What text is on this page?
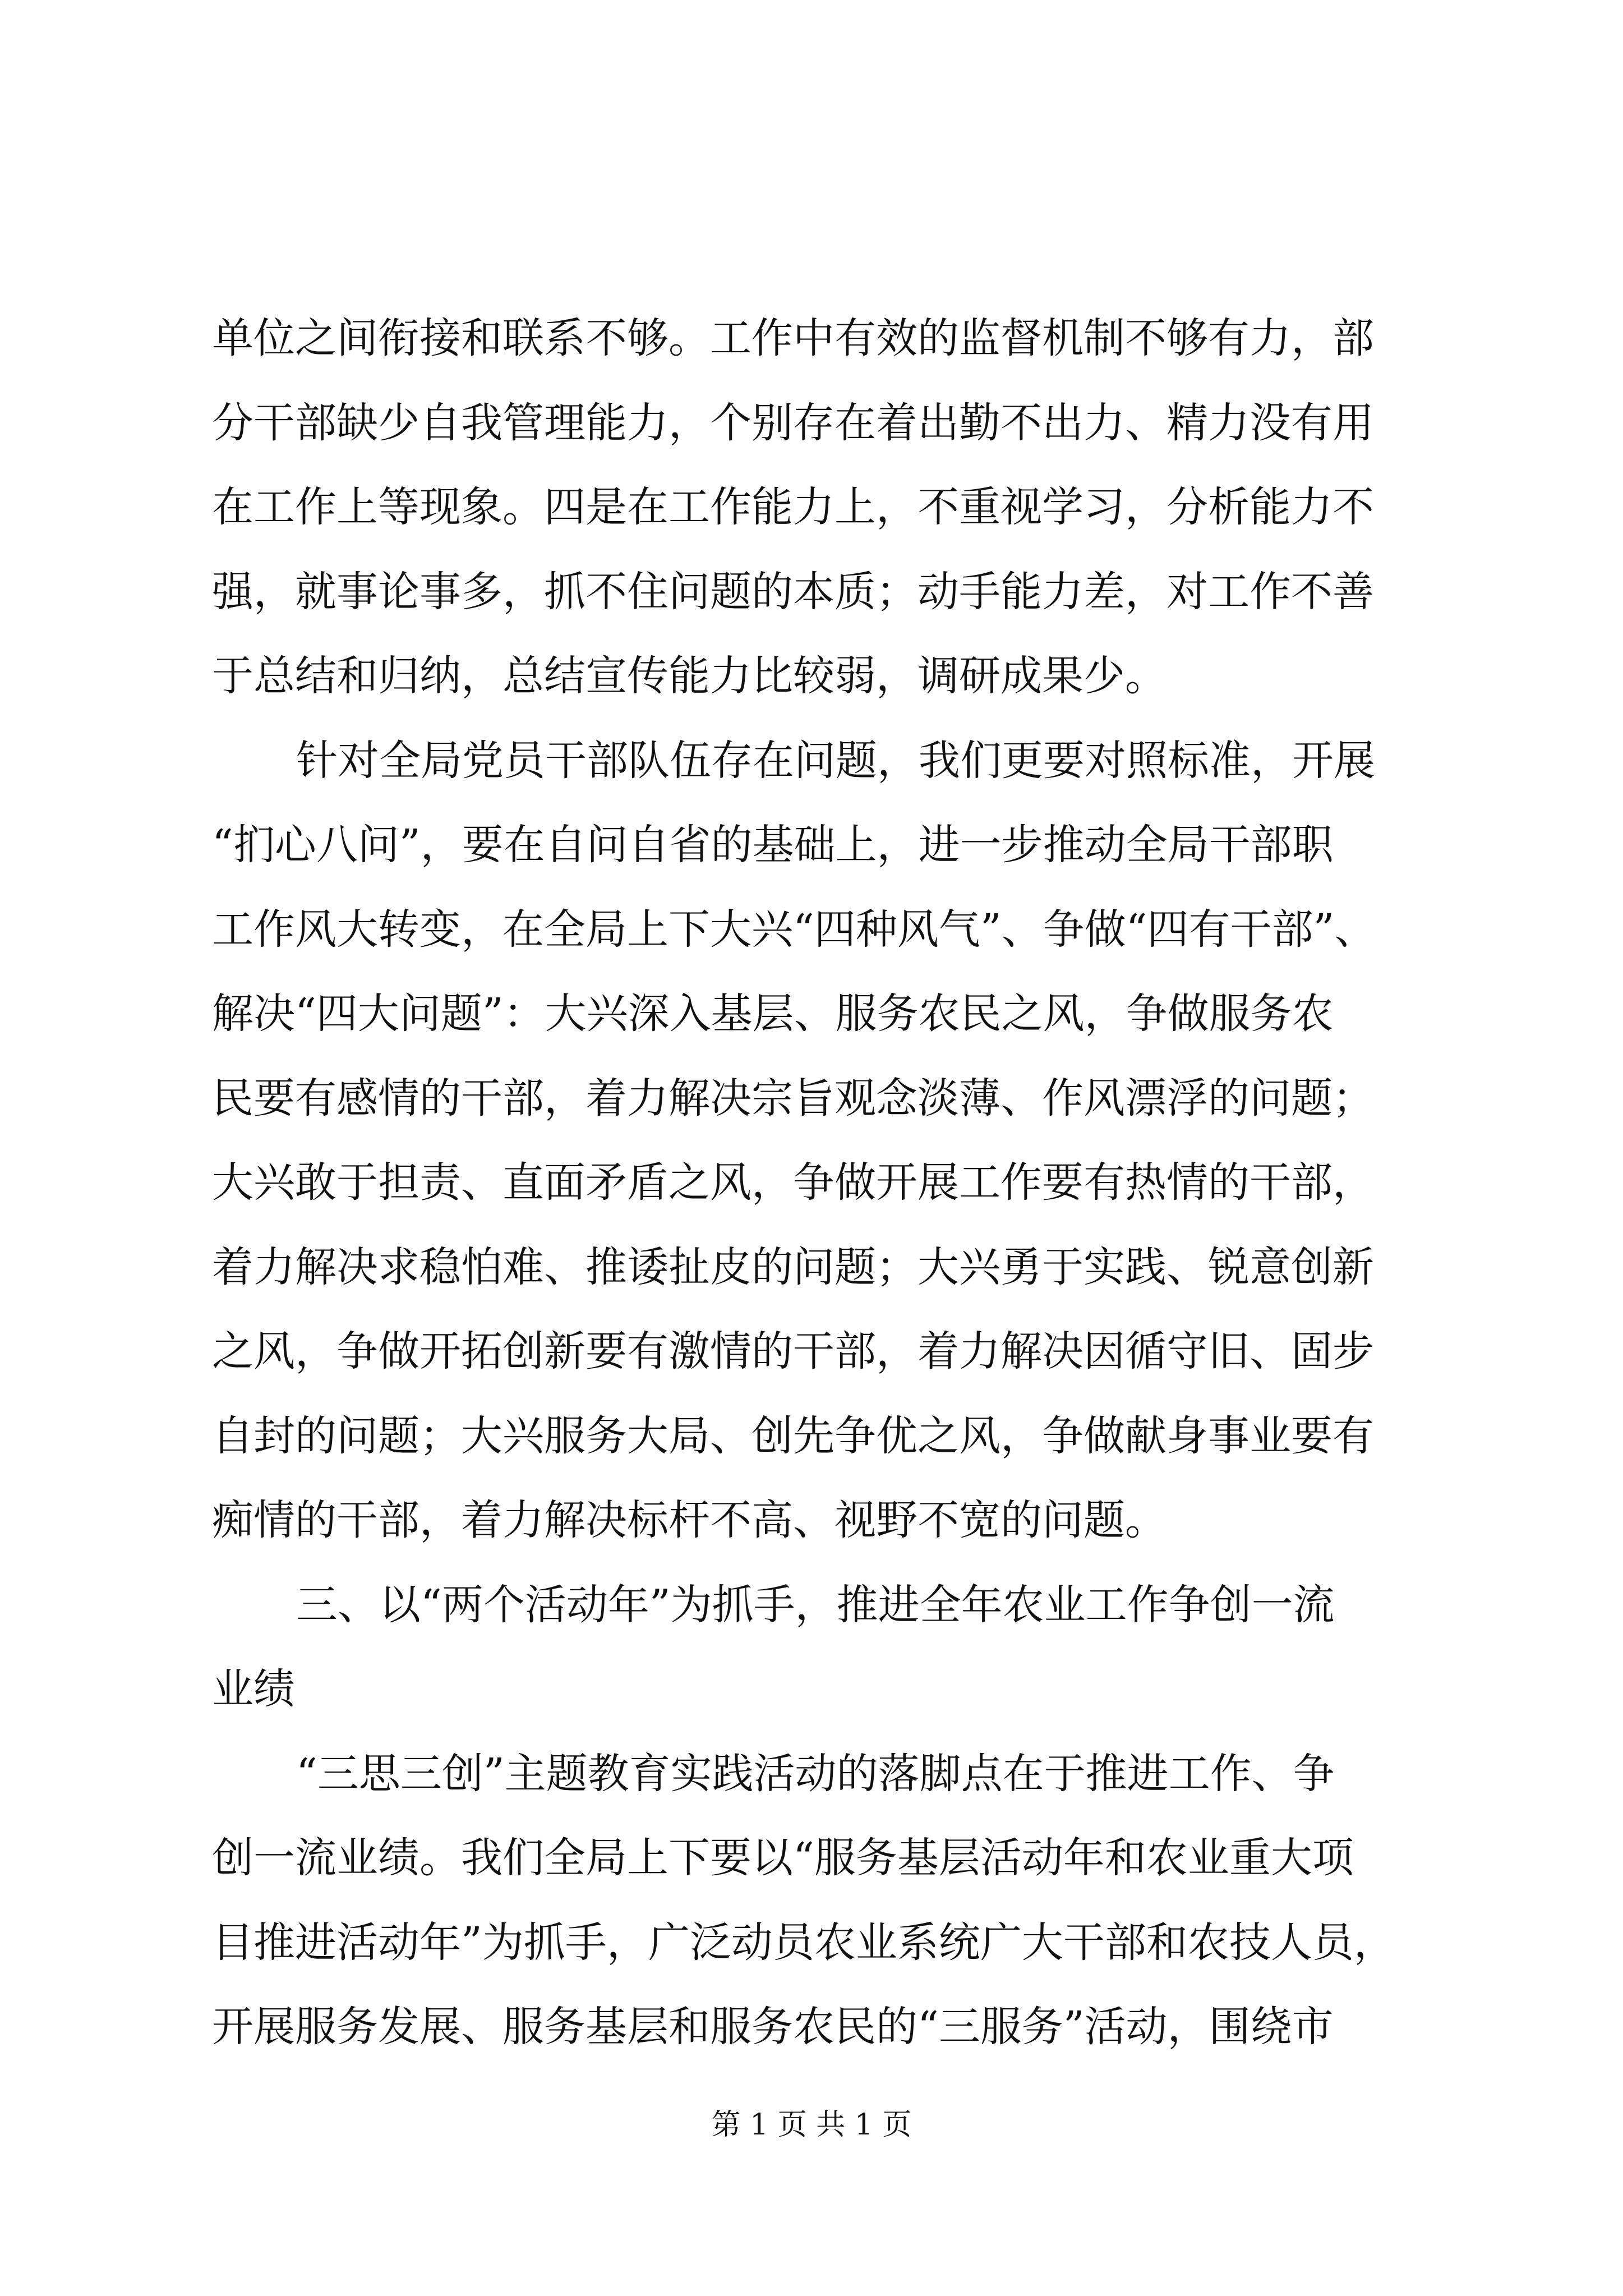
单位之间衔接和联系不够。工作中有效的监督机制不够有力，部
分干部缺少自我管理能力，个别存在着出勤不出力、精力没有用
在工作上等现象。四是在工作能力上，不重视学习，分析能力不
强，就事论事多，抓不住问题的本质；动手能力差，对工作不善
于总结和归纳，总结宣传能力比较弱，调研成果少。
针对全局党员干部队伍存在问题，我们更要对照标准，开展
“扪心八问”，要在自问自省的基础上，进一步推动全局干部职
工作风大转变，在全局上下大兴“四种风气”、争做“四有干部”、
解决“四大问题”：大兴深入基层、服务农民之风，争做服务农
民要有感情的干部，着力解决宗旨观念淡薄、作风漂浮的问题；
大兴敢于担责、直面矛盾之风，争做开展工作要有热情的干部，
着力解决求稳怕难、推诿扯皮的问题；大兴勇于实践、锐意创新
之风，争做开拓创新要有激情的干部，着力解决因循守旧、固步
自封的问题；大兴服务大局、创先争优之风，争做献身事业要有
痴情的干部，着力解决标杆不高、视野不宽的问题。
三、以“两个活动年”为抓手，推进全年农业工作争创一流
业绩
“三思三创”主题教育实践活动的落脚点在于推进工作、争
创一流业绩。我们全局上下要以“服务基层活动年和农业重大项
目推进活动年”为抓手，广泛动员农业系统广大干部和农技人员，
开展服务发展、服务基层和服务农民的“三服务”活动，围绕市
第 1 页 共 1 页
